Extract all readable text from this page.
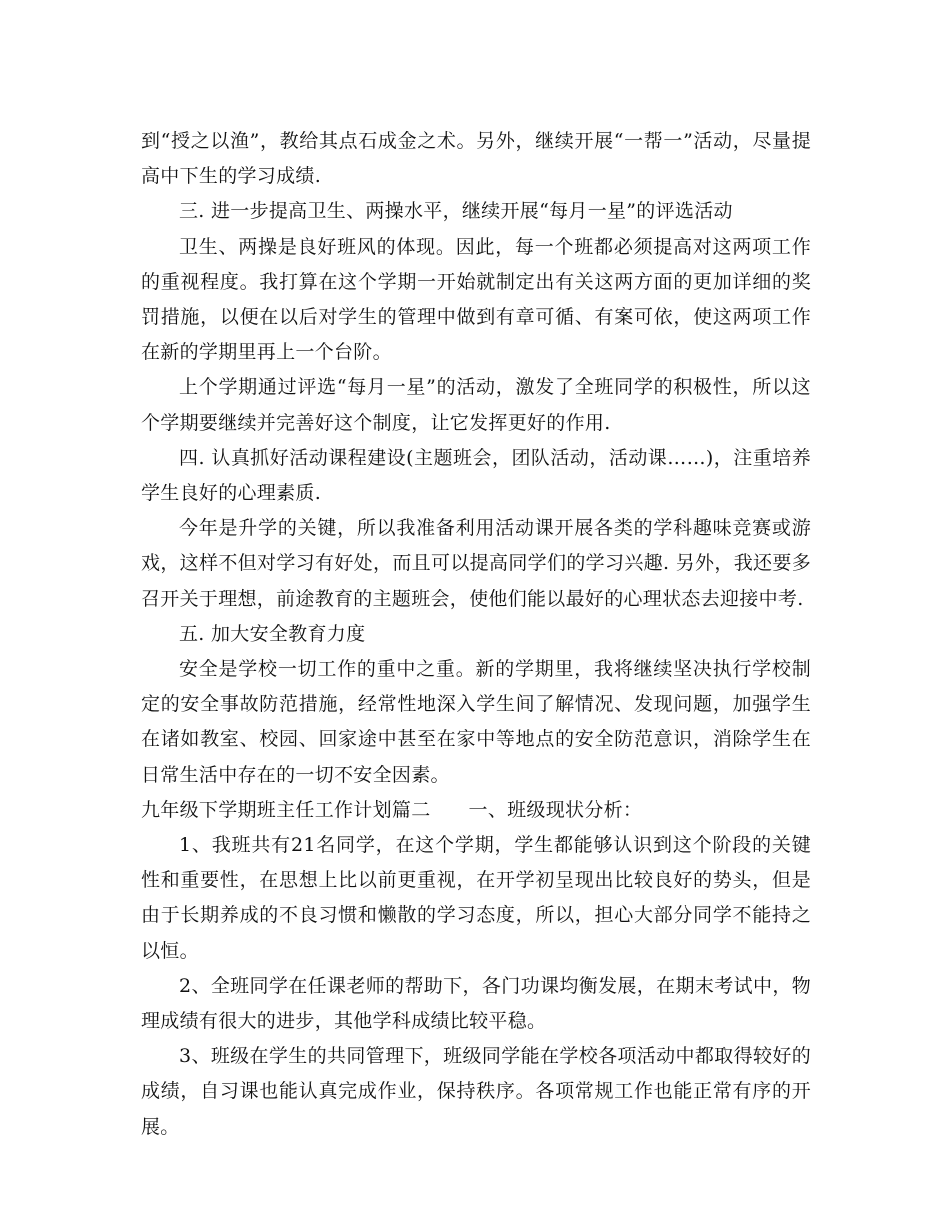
到“授之以渔”，教给其点石成金之术。另外，继续开展“一帮一”活动，尽量提高中下生的学习成绩.

三. 进一步提高卫生、两操水平，继续开展“每月一星”的评选活动

卫生、两操是良好班风的体现。因此，每一个班都必须提高对这两项工作的重视程度。我打算在这个学期一开始就制定出有关这两方面的更加详细的奖罚措施，以便在以后对学生的管理中做到有章可循、有案可依，使这两项工作在新的学期里再上一个台阶。

上个学期通过评选“每月一星”的活动，激发了全班同学的积极性，所以这个学期要继续并完善好这个制度，让它发挥更好的作用.

四. 认真抓好活动课程建设(主题班会，团队活动，活动课……)，注重培养学生良好的心理素质.

今年是升学的关键，所以我准备利用活动课开展各类的学科趣味竞赛或游戏，这样不但对学习有好处，而且可以提高同学们的学习兴趣. 另外，我还要多召开关于理想，前途教育的主题班会，使他们能以最好的心理状态去迎接中考.

五. 加大安全教育力度

安全是学校一切工作的重中之重。新的学期里，我将继续坚决执行学校制定的安全事故防范措施，经常性地深入学生间了解情况、发现问题，加强学生在诸如教室、校园、回家途中甚至在家中等地点的安全防范意识，消除学生在日常生活中存在的一切不安全因素。

九年级下学期班主任工作计划篇二 一、班级现状分析：

1、我班共有21名同学，在这个学期，学生都能够认识到这个阶段的关键性和重要性，在思想上比以前更重视，在开学初呈现出比较良好的势头，但是由于长期养成的不良习惯和懒散的学习态度，所以，担心大部分同学不能持之以恒。

2、全班同学在任课老师的帮助下，各门功课均衡发展，在期末考试中，物理成绩有很大的进步，其他学科成绩比较平稳。

3、班级在学生的共同管理下，班级同学能在学校各项活动中都取得较好的成绩，自习课也能认真完成作业，保持秩序。各项常规工作也能正常有序的开展。
